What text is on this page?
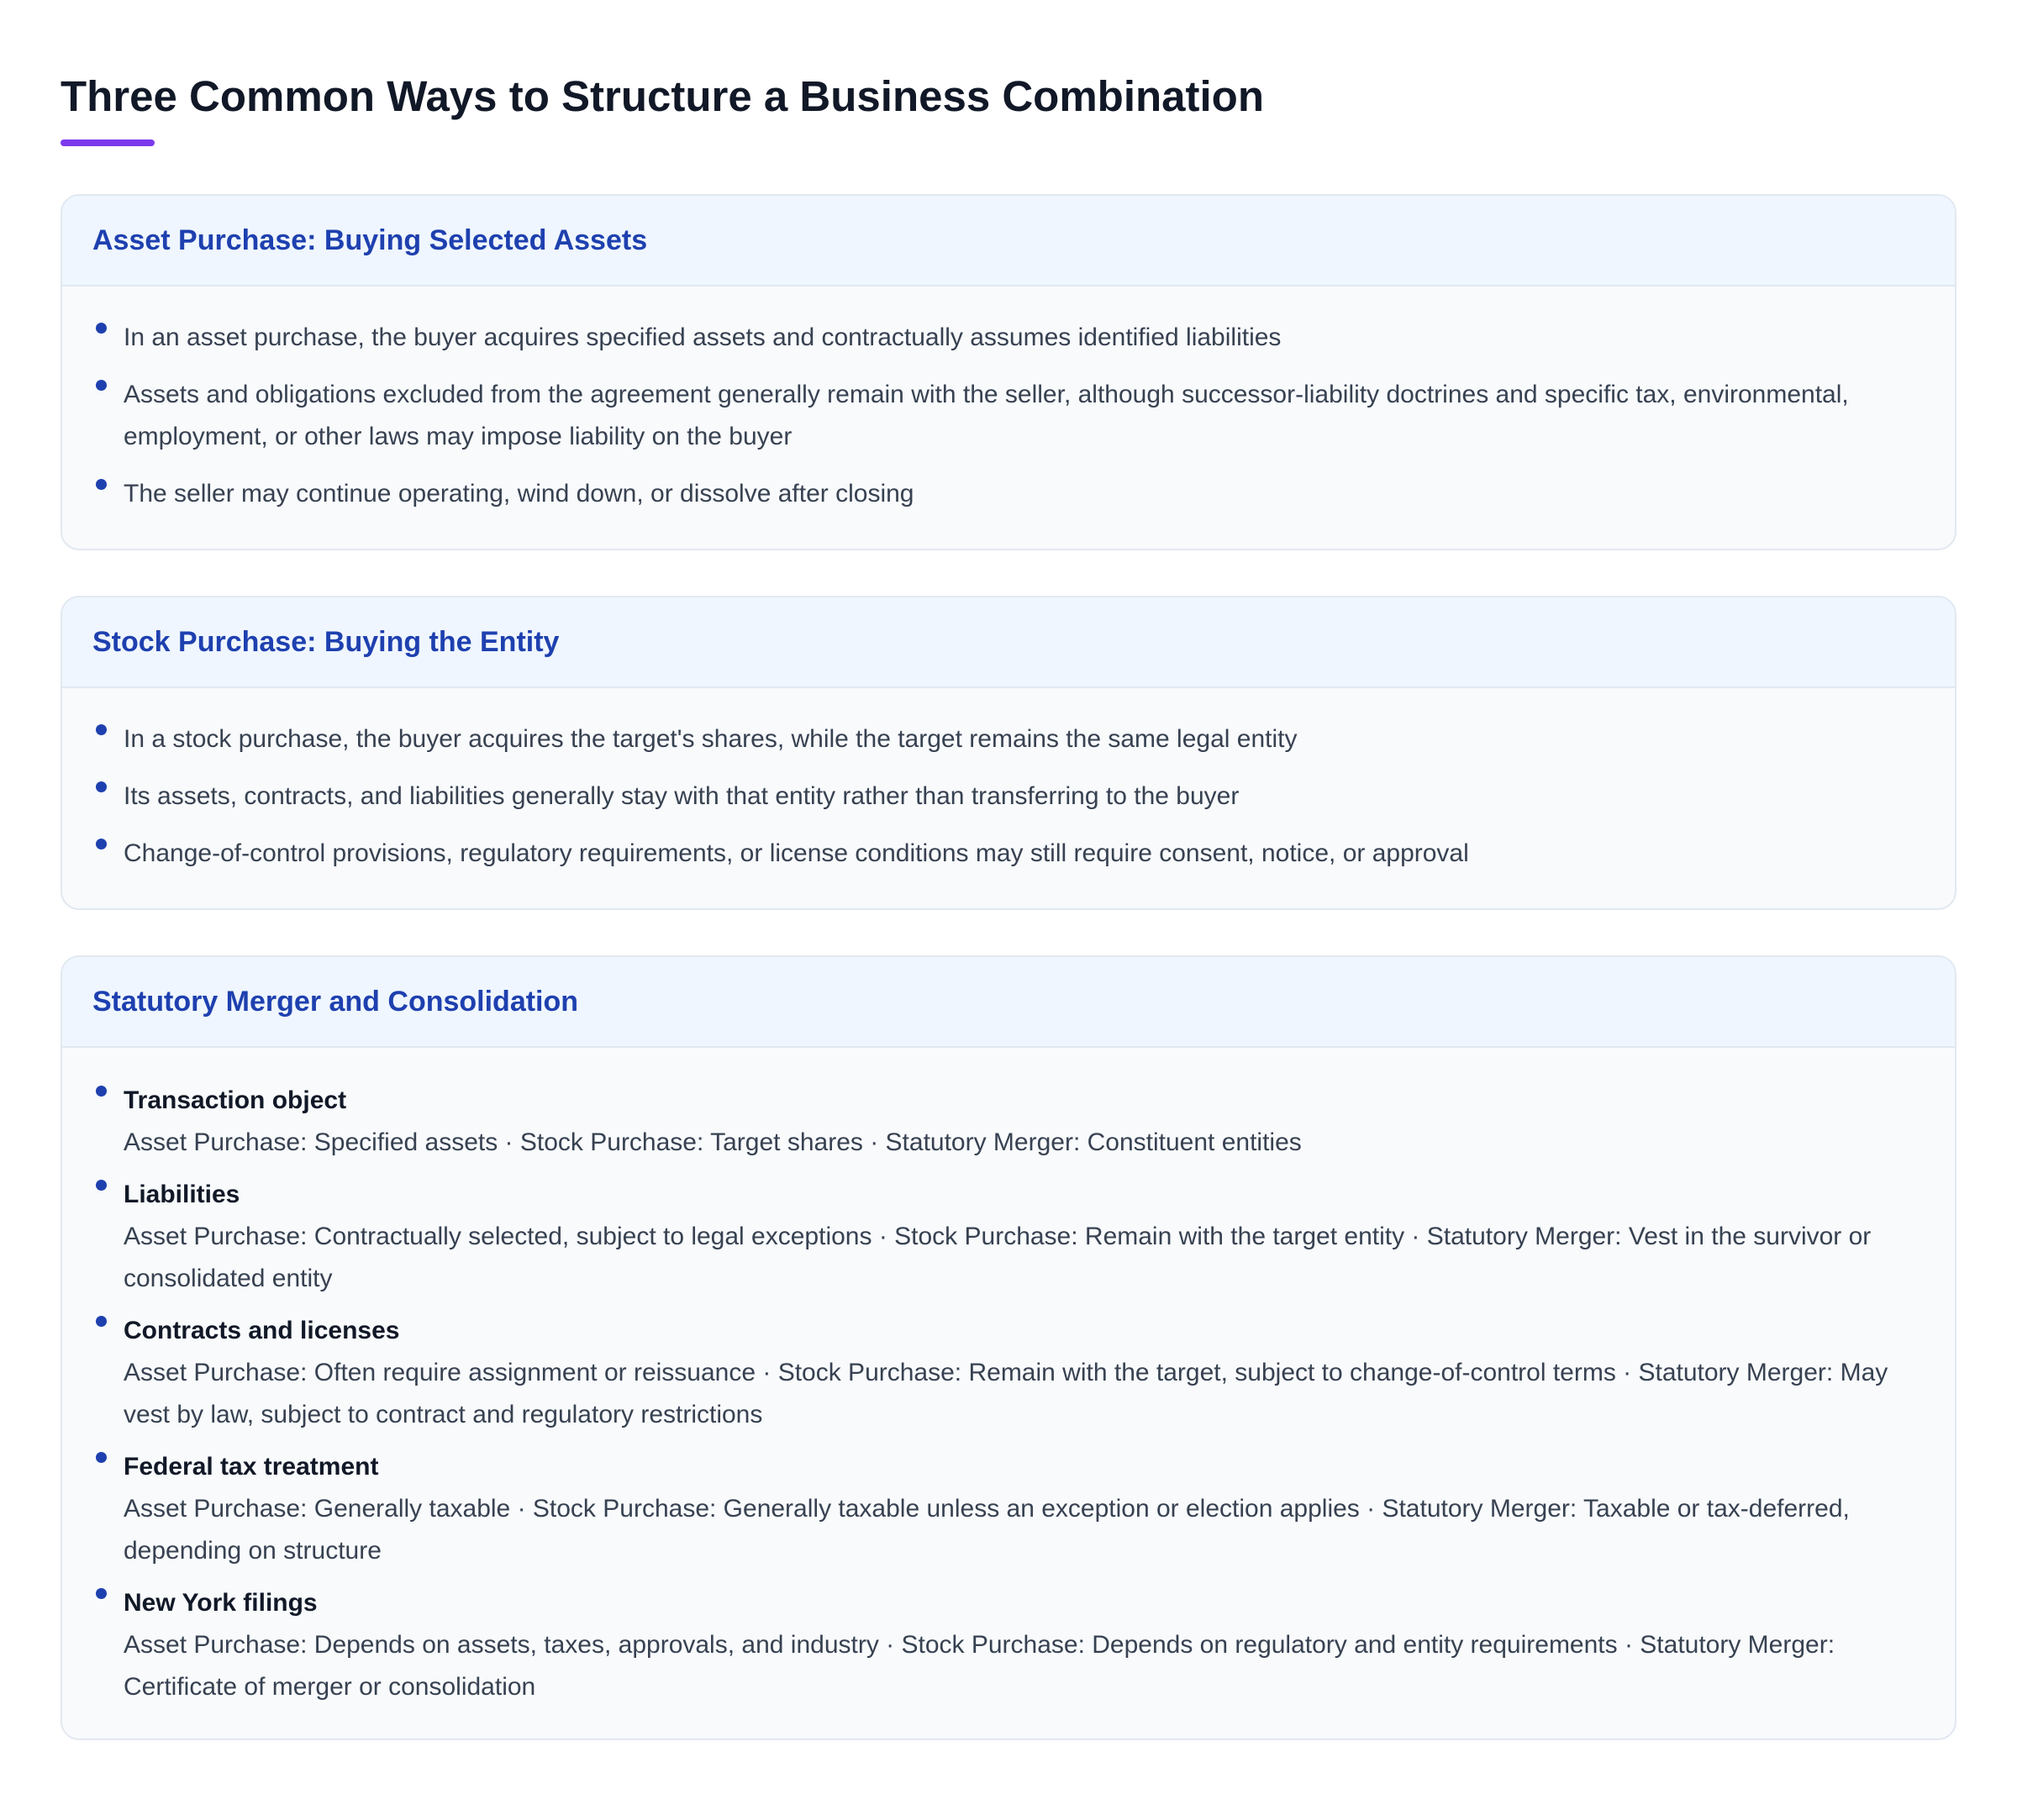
Three Common Ways to Structure a Business Combination
Asset Purchase: Buying Selected Assets
In an asset purchase, the buyer acquires specified assets and contractually assumes identified liabilities
Assets and obligations excluded from the agreement generally remain with the seller, although successor-liability doctrines and specific tax, environmental, employment, or other laws may impose liability on the buyer
The seller may continue operating, wind down, or dissolve after closing
Stock Purchase: Buying the Entity
In a stock purchase, the buyer acquires the target's shares, while the target remains the same legal entity
Its assets, contracts, and liabilities generally stay with that entity rather than transferring to the buyer
Change-of-control provisions, regulatory requirements, or license conditions may still require consent, notice, or approval
Statutory Merger and Consolidation
Transaction object
Asset Purchase: Specified assets · Stock Purchase: Target shares · Statutory Merger: Constituent entities
Liabilities
Asset Purchase: Contractually selected, subject to legal exceptions · Stock Purchase: Remain with the target entity · Statutory Merger: Vest in the survivor or consolidated entity
Contracts and licenses
Asset Purchase: Often require assignment or reissuance · Stock Purchase: Remain with the target, subject to change-of-control terms · Statutory Merger: May vest by law, subject to contract and regulatory restrictions
Federal tax treatment
Asset Purchase: Generally taxable · Stock Purchase: Generally taxable unless an exception or election applies · Statutory Merger: Taxable or tax-deferred, depending on structure
New York filings
Asset Purchase: Depends on assets, taxes, approvals, and industry · Stock Purchase: Depends on regulatory and entity requirements · Statutory Merger: Certificate of merger or consolidation
